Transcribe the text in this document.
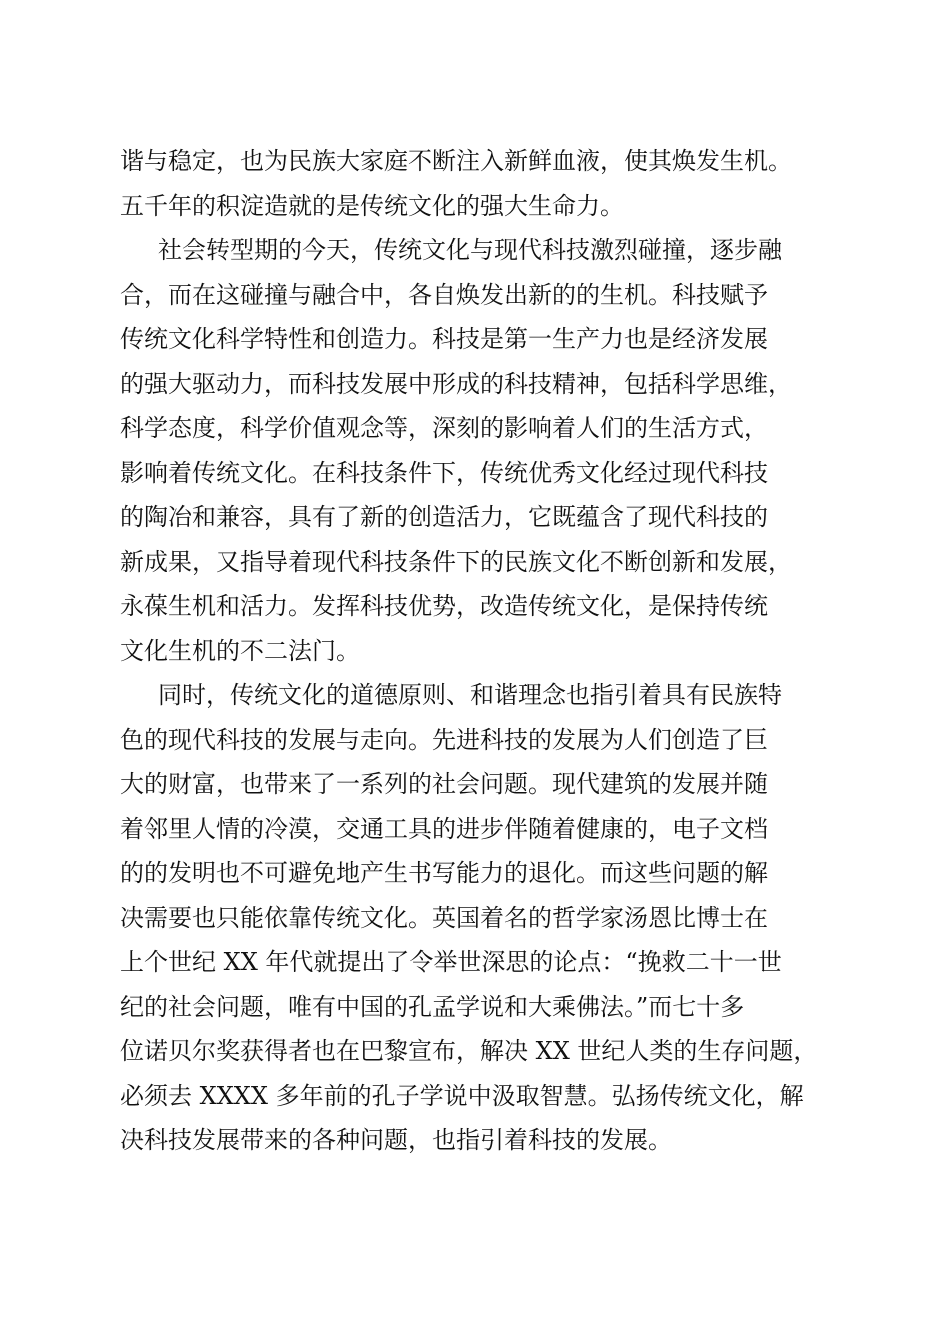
谐与稳定，也为民族大家庭不断注入新鲜血液，使其焕发生机。
五千年的积淀造就的是传统文化的强大生命力。
社会转型期的今天，传统文化与现代科技激烈碰撞，逐步融
合，而在这碰撞与融合中，各自焕发出新的的生机。科技赋予
传统文化科学特性和创造力。科技是第一生产力也是经济发展
的强大驱动力，而科技发展中形成的科技精神，包括科学思维，
科学态度，科学价值观念等，深刻的影响着人们的生活方式，
影响着传统文化。在科技条件下，传统优秀文化经过现代科技
的陶冶和兼容，具有了新的创造活力，它既蕴含了现代科技的
新成果，又指导着现代科技条件下的民族文化不断创新和发展，
永葆生机和活力。发挥科技优势，改造传统文化，是保持传统
文化生机的不二法门。
同时，传统文化的道德原则、和谐理念也指引着具有民族特
色的现代科技的发展与走向。先进科技的发展为人们创造了巨
大的财富，也带来了一系列的社会问题。现代建筑的发展并随
着邻里人情的冷漠，交通工具的进步伴随着健康的，电子文档
的的发明也不可避免地产生书写能力的退化。而这些问题的解
决需要也只能依靠传统文化。英国着名的哲学家汤恩比博士在
上个世纪 XX 年代就提出了令举世深思的论点：“挽救二十一世
纪的社会问题，唯有中国的孔孟学说和大乘佛法。”而七十多
位诺贝尔奖获得者也在巴黎宣布，解决 XX 世纪人类的生存问题，
必须去 XXXX 多年前的孔子学说中汲取智慧。弘扬传统文化，解
决科技发展带来的各种问题，也指引着科技的发展。
